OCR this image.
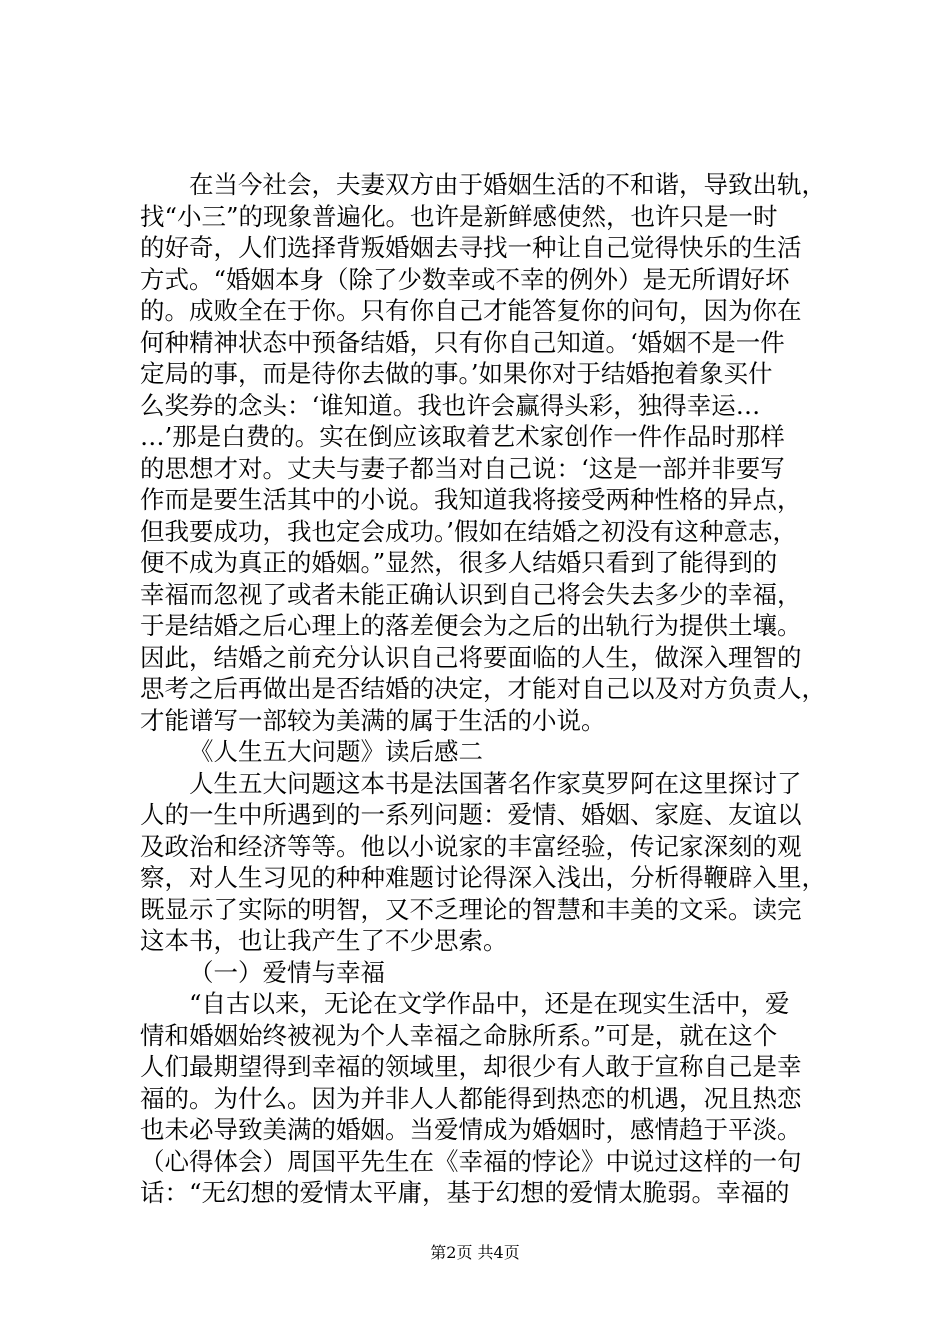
在当今社会，夫妻双方由于婚姻生活的不和谐，导致出轨，
找“小三”的现象普遍化。也许是新鲜感使然，也许只是一时
的好奇，人们选择背叛婚姻去寻找一种让自己觉得快乐的生活
方式。“婚姻本身（除了少数幸或不幸的例外）是无所谓好坏
的。成败全在于你。只有你自己才能答复你的问句，因为你在
何种精神状态中预备结婚，只有你自己知道。‘婚姻不是一件
定局的事，而是待你去做的事。’如果你对于结婚抱着象买什
么奖券的念头：‘谁知道。我也许会赢得头彩，独得幸运…
…’那是白费的。实在倒应该取着艺术家创作一件作品时那样
的思想才对。丈夫与妻子都当对自己说：‘这是一部并非要写
作而是要生活其中的小说。我知道我将接受两种性格的异点，
但我要成功，我也定会成功。’假如在结婚之初没有这种意志，
便不成为真正的婚姻。”显然，很多人结婚只看到了能得到的
幸福而忽视了或者未能正确认识到自己将会失去多少的幸福，
于是结婚之后心理上的落差便会为之后的出轨行为提供土壤。
因此，结婚之前充分认识自己将要面临的人生，做深入理智的
思考之后再做出是否结婚的决定，才能对自己以及对方负责人，
才能谱写一部较为美满的属于生活的小说。
《人生五大问题》读后感二
人生五大问题这本书是法国著名作家莫罗阿在这里探讨了
人的一生中所遇到的一系列问题：爱情、婚姻、家庭、友谊以
及政治和经济等等。他以小说家的丰富经验，传记家深刻的观
察，对人生习见的种种难题讨论得深入浅出，分析得鞭辟入里，
既显示了实际的明智，又不乏理论的智慧和丰美的文采。读完
这本书，也让我产生了不少思索。
（一）爱情与幸福
“自古以来，无论在文学作品中，还是在现实生活中，爱
情和婚姻始终被视为个人幸福之命脉所系。”可是，就在这个
人们最期望得到幸福的领域里，却很少有人敢于宣称自己是幸
福的。为什么。因为并非人人都能得到热恋的机遇，况且热恋
也未必导致美满的婚姻。当爱情成为婚姻时，感情趋于平淡。
（心得体会）周国平先生在《幸福的悖论》中说过这样的一句
话：“无幻想的爱情太平庸，基于幻想的爱情太脆弱。幸福的
第2页 共4页
